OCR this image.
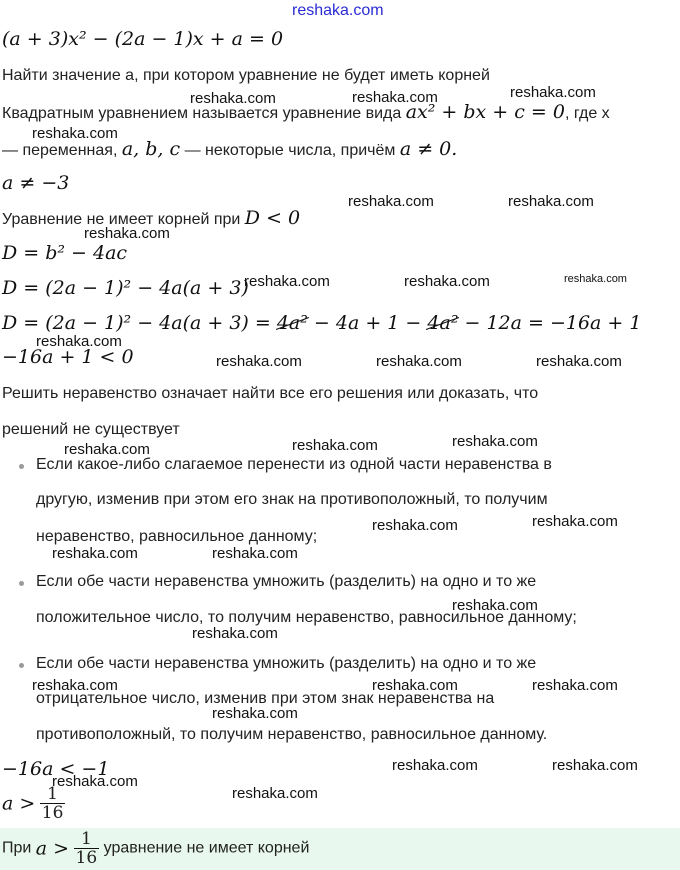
reshaka.com
(a + 3)x² − (2a − 1)x + a = 0
Найти значение a, при котором уравнение не будет иметь корней
Квадратным уравнением называется уравнение вида ax² + bx + c = 0, где x
— переменная, a, b, c — некоторые числа, причём a ≠ 0.
a ≠ −3
Уравнение не имеет корней при D < 0
D = b² − 4ac
D = (2a − 1)² − 4a(a + 3)
D = (2a − 1)² − 4a(a + 3) = 4a² − 4a + 1 − 4a² − 12a = −16a + 1
−16a + 1 < 0
Решить неравенство означает найти все его решения или доказать, что
решений не существует
Если какое-либо слагаемое перенести из одной части неравенства в
другую, изменив при этом его знак на противоположный, то получим
неравенство, равносильное данному;
Если обе части неравенства умножить (разделить) на одно и то же
положительное число, то получим неравенство, равносильное данному;
Если обе части неравенства умножить (разделить) на одно и то же
отрицательное число, изменив при этом знак неравенства на
противоположный, то получим неравенство, равносильное данному.
−16a < −1
$a > \frac{1}{16}$
При $a > \frac{1}{16}$ уравнение не имеет корней
reshaka.com
reshaka.com	reshaka.com
reshaka.com
reshaka.com	reshaka.com
reshaka.com
reshaka.com	reshaka.com	reshaka.com
reshaka.com
reshaka.com	reshaka.com	reshaka.com
reshaka.com	reshaka.com
reshaka.com
reshaka.com	reshaka.com
reshaka.com	reshaka.com
reshaka.com
reshaka.com
reshaka.com	reshaka.com	reshaka.com
reshaka.com
reshaka.com	reshaka.com
reshaka.com
reshaka.com
